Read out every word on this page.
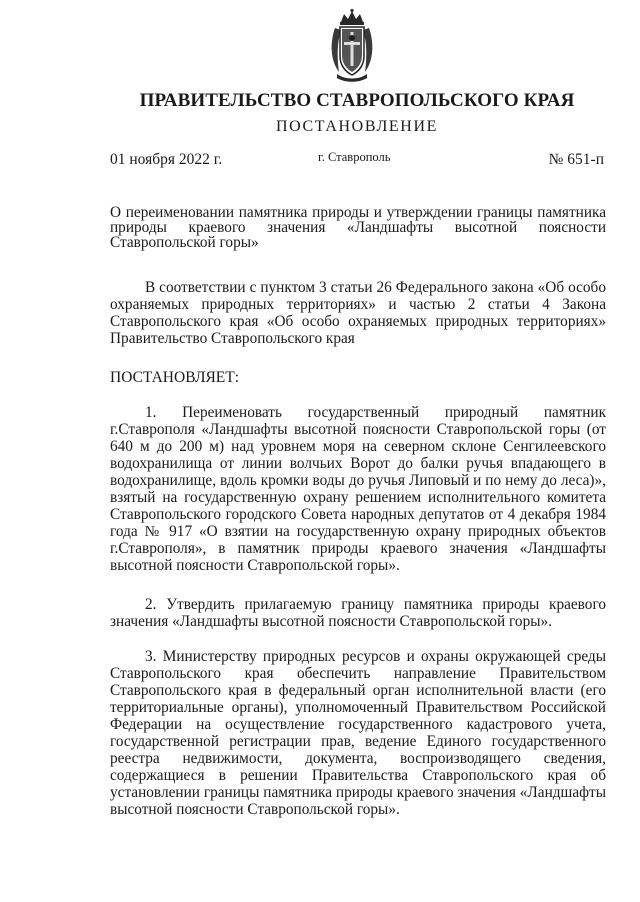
ПРАВИТЕЛЬСТВО СТАВРОПОЛЬСКОГО КРАЯ
ПОСТАНОВЛЕНИЕ
01 ноября 2022 г.	г. Ставрополь	№ 651-п
О переименовании памятника природы и утверждении границы памятника природы краевого значения «Ландшафты высотной поясности Ставропольской горы»
В соответствии с пунктом 3 статьи 26 Федерального закона «Об особо охраняемых природных территориях» и частью 2 статьи 4 Закона Ставропольского края «Об особо охраняемых природных территориях» Правительство Ставропольского края
ПОСТАНОВЛЯЕТ:
1. Переименовать государственный природный памятник г.Ставрополя «Ландшафты высотной поясности Ставропольской горы (от 640 м до 200 м) над уровнем моря на северном склоне Сенгилеевского водохранилища от линии волчьих Ворот до балки ручья впадающего в водохранилище, вдоль кромки воды до ручья Липовый и по нему до леса)», взятый на государственную охрану решением исполнительного комитета Ставропольского городского Совета народных депутатов от 4 декабря 1984 года № 917 «О взятии на государственную охрану природных объектов г.Ставрополя», в памятник природы краевого значения «Ландшафты высотной поясности Ставропольской горы».
2. Утвердить прилагаемую границу памятника природы краевого значения «Ландшафты высотной поясности Ставропольской горы».
3. Министерству природных ресурсов и охраны окружающей среды Ставропольского края обеспечить направление Правительством Ставропольского края в федеральный орган исполнительной власти (его территориальные органы), уполномоченный Правительством Российской Федерации на осуществление государственного кадастрового учета, государственной регистрации прав, ведение Единого государственного реестра недвижимости, документа, воспроизводящего сведения, содержащиеся в решении Правительства Ставропольского края об установлении границы памятника природы краевого значения «Ландшафты высотной поясности Ставропольской горы».
